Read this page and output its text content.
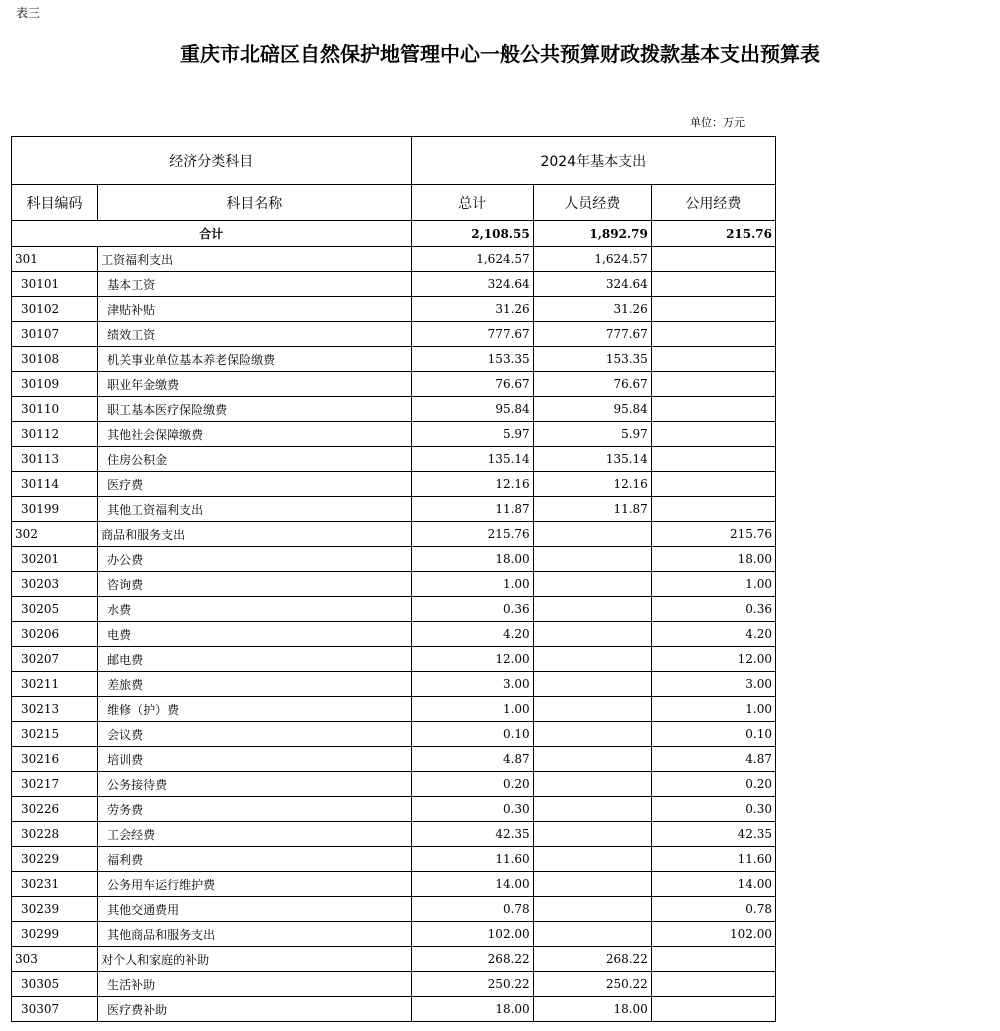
表三
重庆市北碚区自然保护地管理中心一般公共预算财政拨款基本支出预算表
单位：万元
经济分类科目		2024年基本支出		
科目编码	科目名称	总计	人员经费	公用经费
合计		2,108.55	1,892.79	215.76
301	工资福利支出	1,624.57	1,624.57	
30101	基本工资	324.64	324.64	
30102	津贴补贴	31.26	31.26	
30107	绩效工资	777.67	777.67	
30108	机关事业单位基本养老保险缴费	153.35	153.35	
30109	职业年金缴费	76.67	76.67	
30110	职工基本医疗保险缴费	95.84	95.84	
30112	其他社会保障缴费	5.97	5.97	
30113	住房公积金	135.14	135.14	
30114	医疗费	12.16	12.16	
30199	其他工资福利支出	11.87	11.87	
302	商品和服务支出	215.76		215.76
30201	办公费	18.00		18.00
30203	咨询费	1.00		1.00
30205	水费	0.36		0.36
30206	电费	4.20		4.20
30207	邮电费	12.00		12.00
30211	差旅费	3.00		3.00
30213	维修（护）费	1.00		1.00
30215	会议费	0.10		0.10
30216	培训费	4.87		4.87
30217	公务接待费	0.20		0.20
30226	劳务费	0.30		0.30
30228	工会经费	42.35		42.35
30229	福利费	11.60		11.60
30231	公务用车运行维护费	14.00		14.00
30239	其他交通费用	0.78		0.78
30299	其他商品和服务支出	102.00		102.00
303	对个人和家庭的补助	268.22	268.22	
30305	生活补助	250.22	250.22	
30307	医疗费补助	18.00	18.00	
